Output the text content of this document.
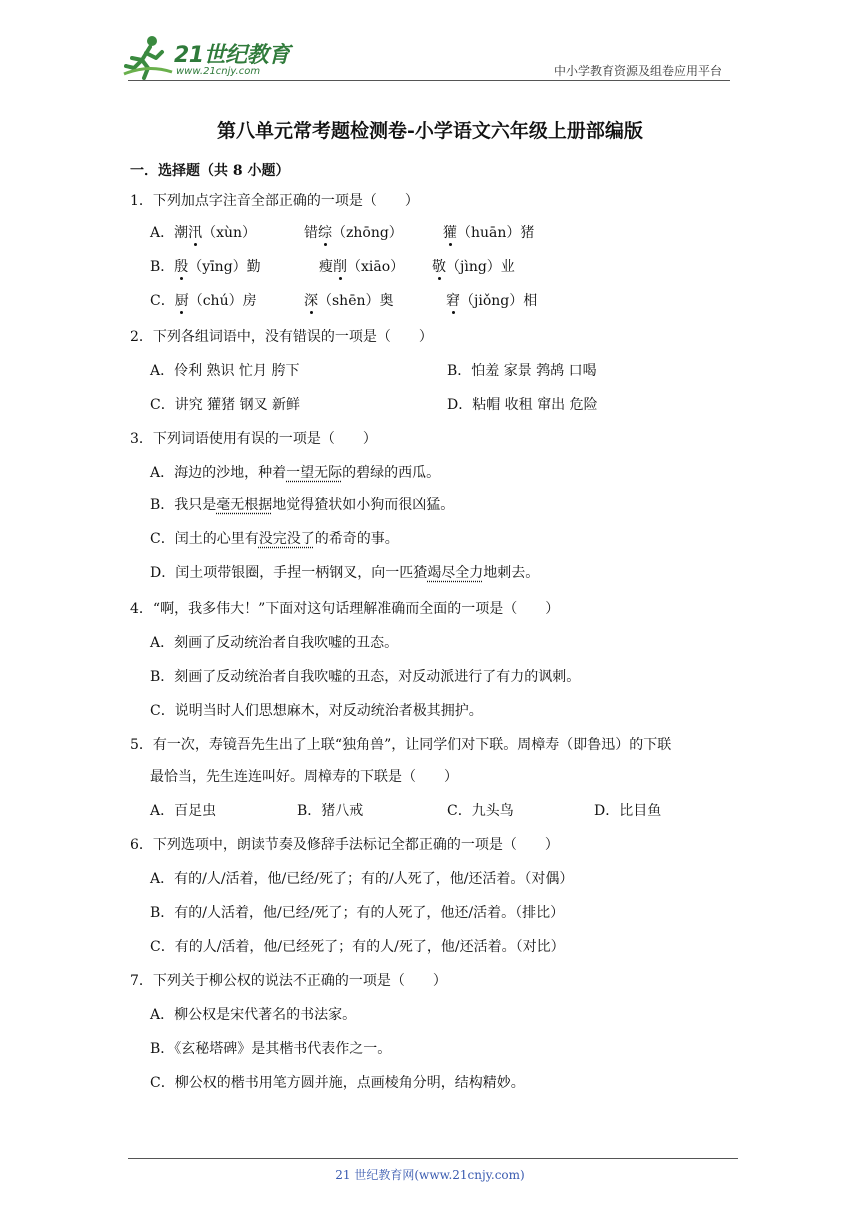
21世纪教育
www.21cnjy.com	中小学教育资源及组卷应用平台
第八单元常考题检测卷-小学语文六年级上册部编版
一．选择题（共 8 小题）
1．下列加点字注音全部正确的一项是（　　）
A．潮汛（xùn）	错综（zhōng）	獾（huān）猪
B．殷（yīng）勤	瘦削（xiāo） 敬（jìng）业
C．厨（chú）房	深（shēn）奥	窘（jiǒng）相
2．下列各组词语中，没有错误的一项是（　　）
A．伶利 熟识 忙月 胯下	B．怕羞 家景 鹁鸪 口喝
C．讲究 獾猪 钢叉 新鲜	D．粘帽 收租 窜出 危险
3．下列词语使用有误的一项是（　　）
A．海边的沙地，种着一望无际的碧绿的西瓜。
B．我只是毫无根据地觉得猹状如小狗而很凶猛。
C．闰土的心里有没完没了的希奇的事。
D．闰土项带银圈，手捏一柄钢叉，向一匹猹竭尽全力地刺去。
4．“啊，我多伟大！”下面对这句话理解准确而全面的一项是（　　）
A．刻画了反动统治者自我吹嘘的丑态。
B．刻画了反动统治者自我吹嘘的丑态，对反动派进行了有力的讽刺。
C．说明当时人们思想麻木，对反动统治者极其拥护。
5．有一次，寿镜吾先生出了上联“独角兽”，让同学们对下联。周樟寿（即鲁迅）的下联
最恰当，先生连连叫好。周樟寿的下联是（　　）
A．百足虫	B．猪八戒	C．九头鸟	D．比目鱼
6．下列选项中，朗读节奏及修辞手法标记全都正确的一项是（　　）
A．有的/人/活着，他/已经/死了；有的/人死了，他/还活着。（对偶）
B．有的/人活着，他/已经/死了；有的人死了，他还/活着。（排比）
C．有的人/活着，他/已经死了；有的人/死了，他/还活着。（对比）
7．下列关于柳公权的说法不正确的一项是（　　）
A．柳公权是宋代著名的书法家。
B．《玄秘塔碑》是其楷书代表作之一。
C．柳公权的楷书用笔方圆并施，点画棱角分明，结构精妙。
21 世纪教育网(www.21cnjy.com)
